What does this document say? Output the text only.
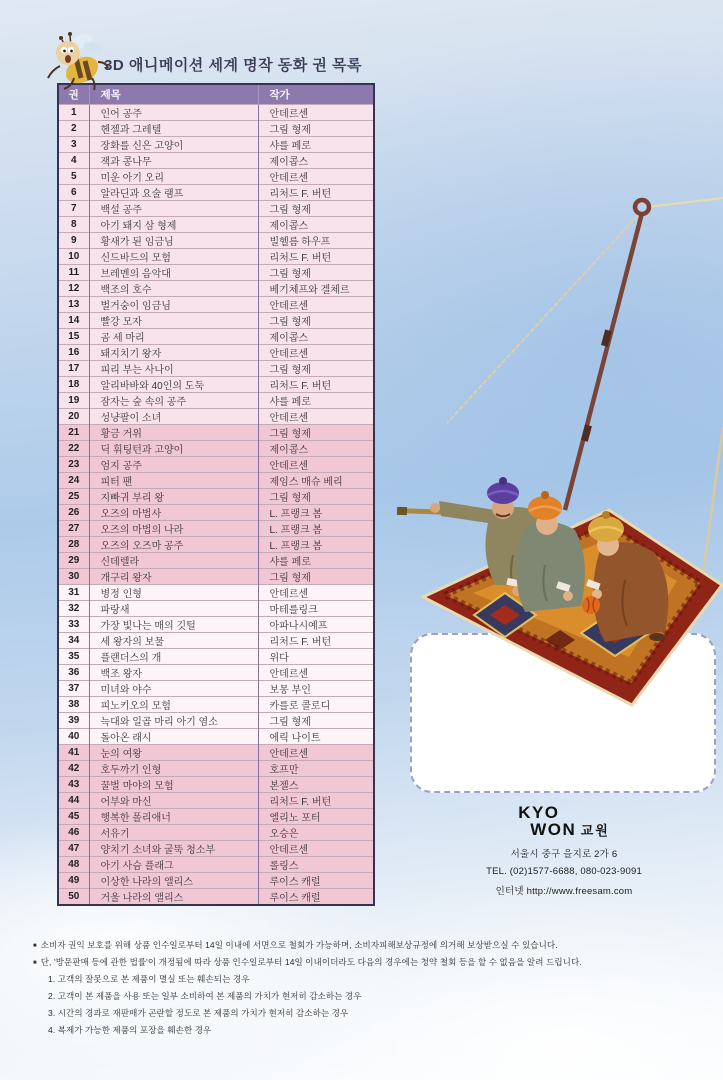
3D 애니메이션 세계 명작 동화 권 목록
권	제목	작가
1	인어 공주	안데르센
2	헨젤과 그레텔	그림 형제
3	장화를 신은 고양이	샤를 페로
4	잭과 콩나무	제이콥스
5	미운 아기 오리	안데르센
6	알라딘과 요술 램프	리처드 F. 버턴
7	백설 공주	그림 형제
8	아기 돼지 삼 형제	제이콥스
9	황새가 된 임금님	빌헬름 하우프
10	신드바드의 모험	리처드 F. 버턴
11	브레멘의 음악대	그림 형제
12	백조의 호수	베기체프와 겔체르
13	벌거숭이 임금님	안데르센
14	빨강 모자	그림 형제
15	곰 세 마리	제이콥스
16	돼지치기 왕자	안데르센
17	피리 부는 사나이	그림 형제
18	알리바바와 40인의 도둑	리처드 F. 버턴
19	잠자는 숲 속의 공주	샤를 페로
20	성냥팔이 소녀	안데르센
21	황금 거위	그림 형제
22	딕 휘팅턴과 고양이	제이콥스
23	엄지 공주	안데르센
24	피터 팬	제임스 매슈 베리
25	지빠귀 부리 왕	그림 형제
26	오즈의 마법사	L. 프랭크 봄
27	오즈의 마법의 나라	L. 프랭크 봄
28	오즈의 오즈마 공주	L. 프랭크 봄
29	신데렐라	샤를 페로
30	개구리 왕자	그림 형제
31	병정 인형	안데르센
32	파랑새	마테를링크
33	가장 빛나는 매의 깃털	아파나시예프
34	세 왕자의 보물	리처드 F. 버턴
35	플랜더스의 개	위다
36	백조 왕자	안데르센
37	미녀와 야수	보몽 부인
38	피노키오의 모험	카를로 콜로디
39	늑대와 일곱 마리 아기 염소	그림 형제
40	돌아온 래시	에릭 나이트
41	눈의 여왕	안데르센
42	호두까기 인형	호프만
43	꿀벌 마야의 모험	본젤스
44	어부와 마신	리처드 F. 버턴
45	행복한 폴리애너	엘리노 포터
46	서유기	오승은
47	양치기 소녀와 굴뚝 청소부	안데르센
48	아기 사슴 플래그	롤링스
49	이상한 나라의 앨리스	루이스 캐럴
50	거울 나라의 앨리스	루이스 캐럴
KYO
WON 교원
서울시 중구 을지로 2가 6
TEL. (02)1577-6688, 080-023-9091
인터넷 http://www.freesam.com
■ 소비자 권익 보호를 위해 상품 인수일로부터 14일 이내에 서면으로 철회가 가능하며, 소비자피해보상규정에 의거해 보상받으실 수 있습니다.
■ 단, '방문판매 등에 관한 법률'이 개정됨에 따라 상품 인수일로부터 14일 이내이더라도 다음의 경우에는 청약 철회 등을 할 수 없음을 알려 드립니다.
1. 고객의 잘못으로 본 제품이 멸실 또는 훼손되는 경우
2. 고객이 본 제품을 사용 또는 일부 소비하여 본 제품의 가치가 현저히 감소하는 경우
3. 시간의 경과로 재판매가 곤란할 정도로 본 제품의 가치가 현저히 감소하는 경우
4. 복제가 가능한 제품의 포장을 훼손한 경우
